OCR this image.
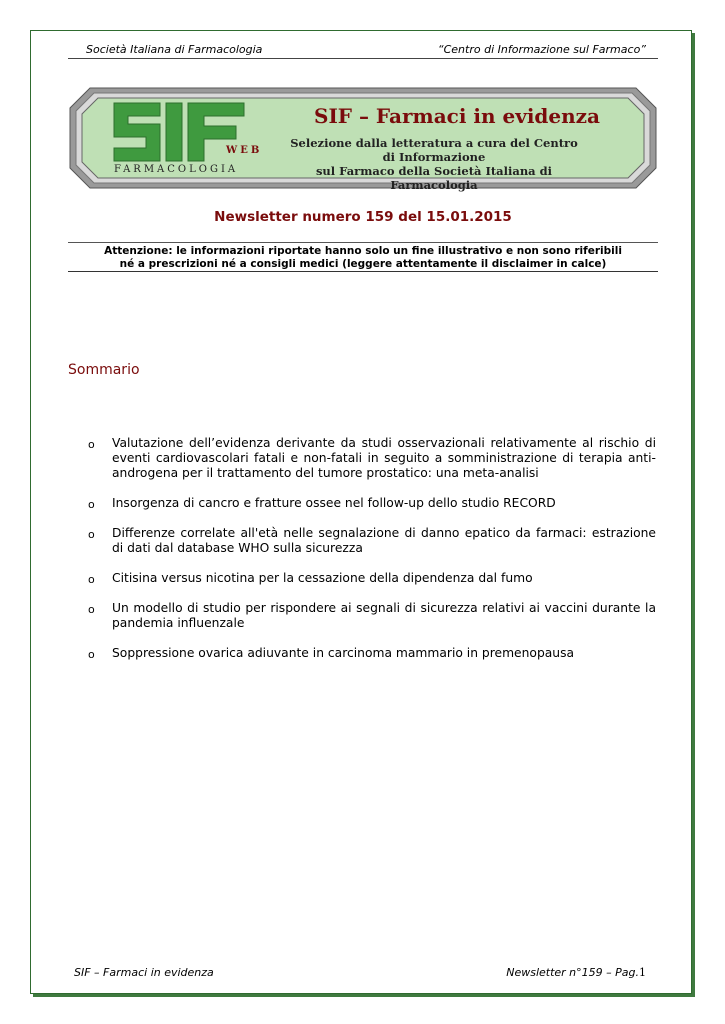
Società Italiana di Farmacologia	“Centro di Informazione sul Farmaco”
WEB
FARMACOLOGIA
SIF – Farmaci in evidenza
Selezione dalla letteratura a cura del Centro di Informazione
sul Farmaco della Società Italiana di Farmacologia
Newsletter numero 159 del 15.01.2015
Attenzione: le informazioni riportate hanno solo un fine illustrativo e non sono riferibili
né a prescrizioni né a consigli medici (leggere attentamente il disclaimer in calce)
Sommario
o Valutazione dell’evidenza derivante da studi osservazionali relativamente al rischio di eventi cardiovascolari fatali e non-fatali in seguito a somministrazione di terapia anti-androgena per il trattamento del tumore prostatico: una meta-analisi
o Insorgenza di cancro e fratture ossee nel follow-up dello studio RECORD
o Differenze correlate all'età nelle segnalazione di danno epatico da farmaci: estrazione di dati dal database WHO sulla sicurezza
o Citisina versus nicotina per la cessazione della dipendenza dal fumo
o Un modello di studio per rispondere ai segnali di sicurezza relativi ai vaccini durante la pandemia influenzale
o Soppressione ovarica adiuvante in carcinoma mammario in premenopausa
SIF – Farmaci in evidenza	Newsletter n°159 – Pag.1
